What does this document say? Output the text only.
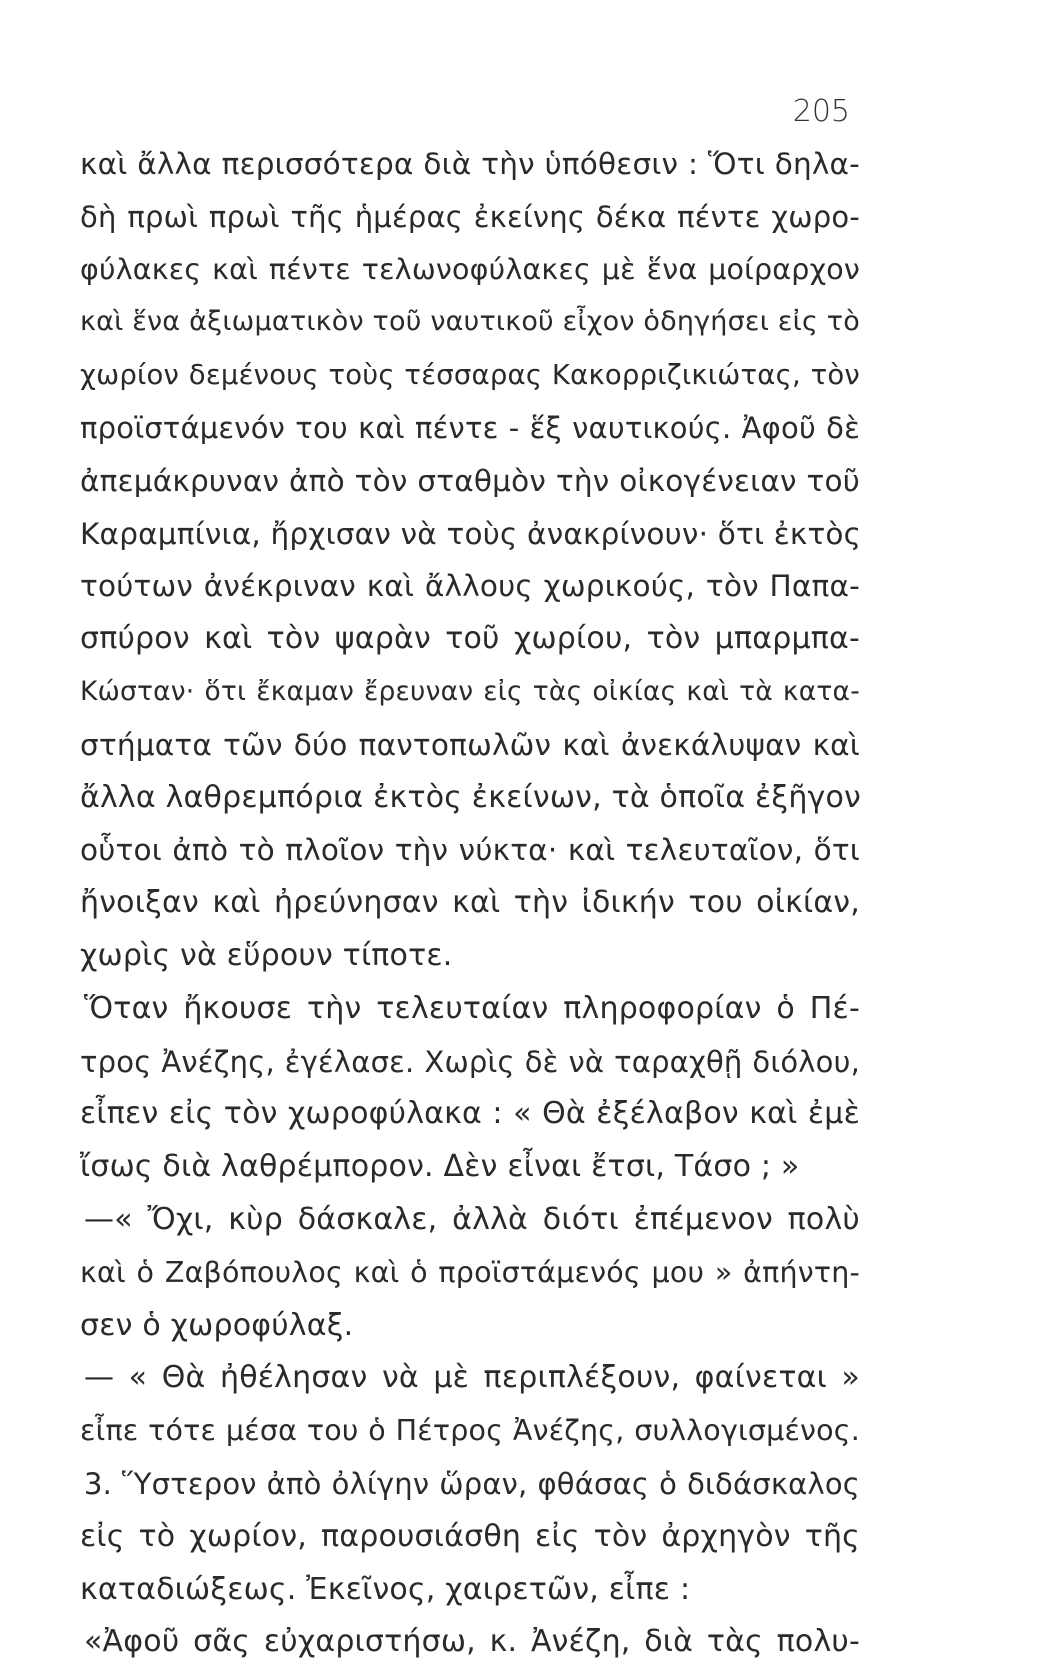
205
καὶ ἄλλα περισσότερα διὰ τὴν ὑπόθεσιν : Ὅτι δηλα-
δὴ πρωὶ πρωὶ τῆς ἡμέρας ἐκείνης δέκα πέντε χωρο-
φύλακες καὶ πέντε τελωνοφύλακες μὲ ἕνα μοίραρχον
καὶ ἕνα ἀξιωματικὸν τοῦ ναυτικοῦ εἶχον ὁδηγήσει εἰς τὸ
χωρίον δεμένους τοὺς τέσσαρας Κακορριζικιώτας, τὸν
προϊστάμενόν του καὶ πέντε - ἕξ ναυτικούς. Ἀφοῦ δὲ
ἀπεμάκρυναν ἀπὸ τὸν σταθμὸν τὴν οἰκογένειαν τοῦ
Καραμπίνια, ἤρχισαν νὰ τοὺς ἀνακρίνουν· ὅτι ἐκτὸς
τούτων ἀνέκριναν καὶ ἄλλους χωρικούς, τὸν Παπα-
σπύρον καὶ τὸν ψαρὰν τοῦ χωρίου, τὸν μπαρμπα-
Κώσταν· ὅτι ἔκαμαν ἔρευναν εἰς τὰς οἰκίας καὶ τὰ κατα-
στήματα τῶν δύο παντοπωλῶν καὶ ἀνεκάλυψαν καὶ
ἄλλα λαθρεμπόρια ἐκτὸς ἐκείνων, τὰ ὁποῖα ἐξῆγον
οὗτοι ἀπὸ τὸ πλοῖον τὴν νύκτα· καὶ τελευταῖον, ὅτι
ἤνοιξαν καὶ ἠρεύνησαν καὶ τὴν ἰδικήν του οἰκίαν,
χωρὶς νὰ εὕρουν τίποτε.
Ὅταν ἤκουσε τὴν τελευταίαν πληροφορίαν ὁ Πέ-
τρος Ἀνέζης, ἐγέλασε. Χωρὶς δὲ νὰ ταραχθῇ διόλου,
εἶπεν εἰς τὸν χωροφύλακα : « Θὰ ἐξέλαβον καὶ ἐμὲ
ἴσως διὰ λαθρέμπορον. Δὲν εἶναι ἔτσι, Τάσο ; »
—« Ὄχι, κὺρ δάσκαλε, ἀλλὰ διότι ἐπέμενον πολὺ
καὶ ὁ Ζαβόπουλος καὶ ὁ προϊστάμενός μου » ἀπήντη-
σεν ὁ χωροφύλαξ.
— « Θὰ ἠθέλησαν νὰ μὲ περιπλέξουν, φαίνεται »
εἶπε τότε μέσα του ὁ Πέτρος Ἀνέζης, συλλογισμένος.
3. Ὕστερον ἀπὸ ὀλίγην ὥραν, φθάσας ὁ διδάσκαλος
εἰς τὸ χωρίον, παρουσιάσθη εἰς τὸν ἀρχηγὸν τῆς
καταδιώξεως. Ἐκεῖνος, χαιρετῶν, εἶπε :
«Ἀφοῦ σᾶς εὐχαριστήσω, κ. Ἀνέζη, διὰ τὰς πολυ-
